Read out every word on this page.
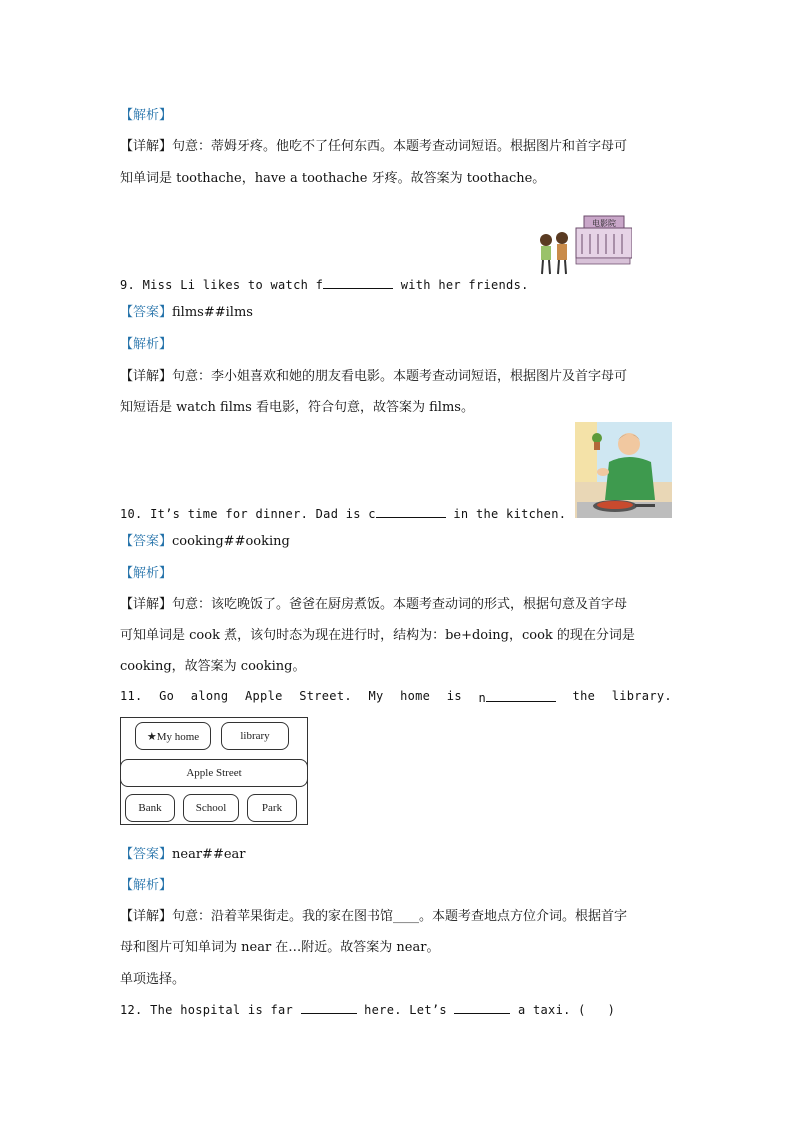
【解析】
【详解】句意：蒂姆牙疼。他吃不了任何东西。本题考查动词短语。根据图片和首字母可
知单词是 toothache，have a toothache 牙疼。故答案为 toothache。
电影院
9. Miss Li likes to watch f	with her friends.
【答案】films##ilms
【解析】
【详解】句意：李小姐喜欢和她的朋友看电影。本题考查动词短语，根据图片及首字母可
知短语是 watch films 看电影，符合句意，故答案为 films。
10. It’s time for dinner. Dad is c	in the kitchen.
【答案】cooking##ooking
【解析】
【详解】句意：该吃晚饭了。爸爸在厨房煮饭。本题考查动词的形式，根据句意及首字母
可知单词是 cook 煮，该句时态为现在进行时，结构为：be+doing，cook 的现在分词是
cooking，故答案为 cooking。
11. Go along Apple Street. My home is n	the library.
★My home	library
Apple Street
Bank	School	Park
【答案】near##ear
【解析】
【详解】句意：沿着苹果街走。我的家在图书馆____。本题考查地点方位介词。根据首字
母和图片可知单词为 near 在…附近。故答案为 near。
单项选择。
12. The hospital is far	here. Let’s	a taxi. ( )
